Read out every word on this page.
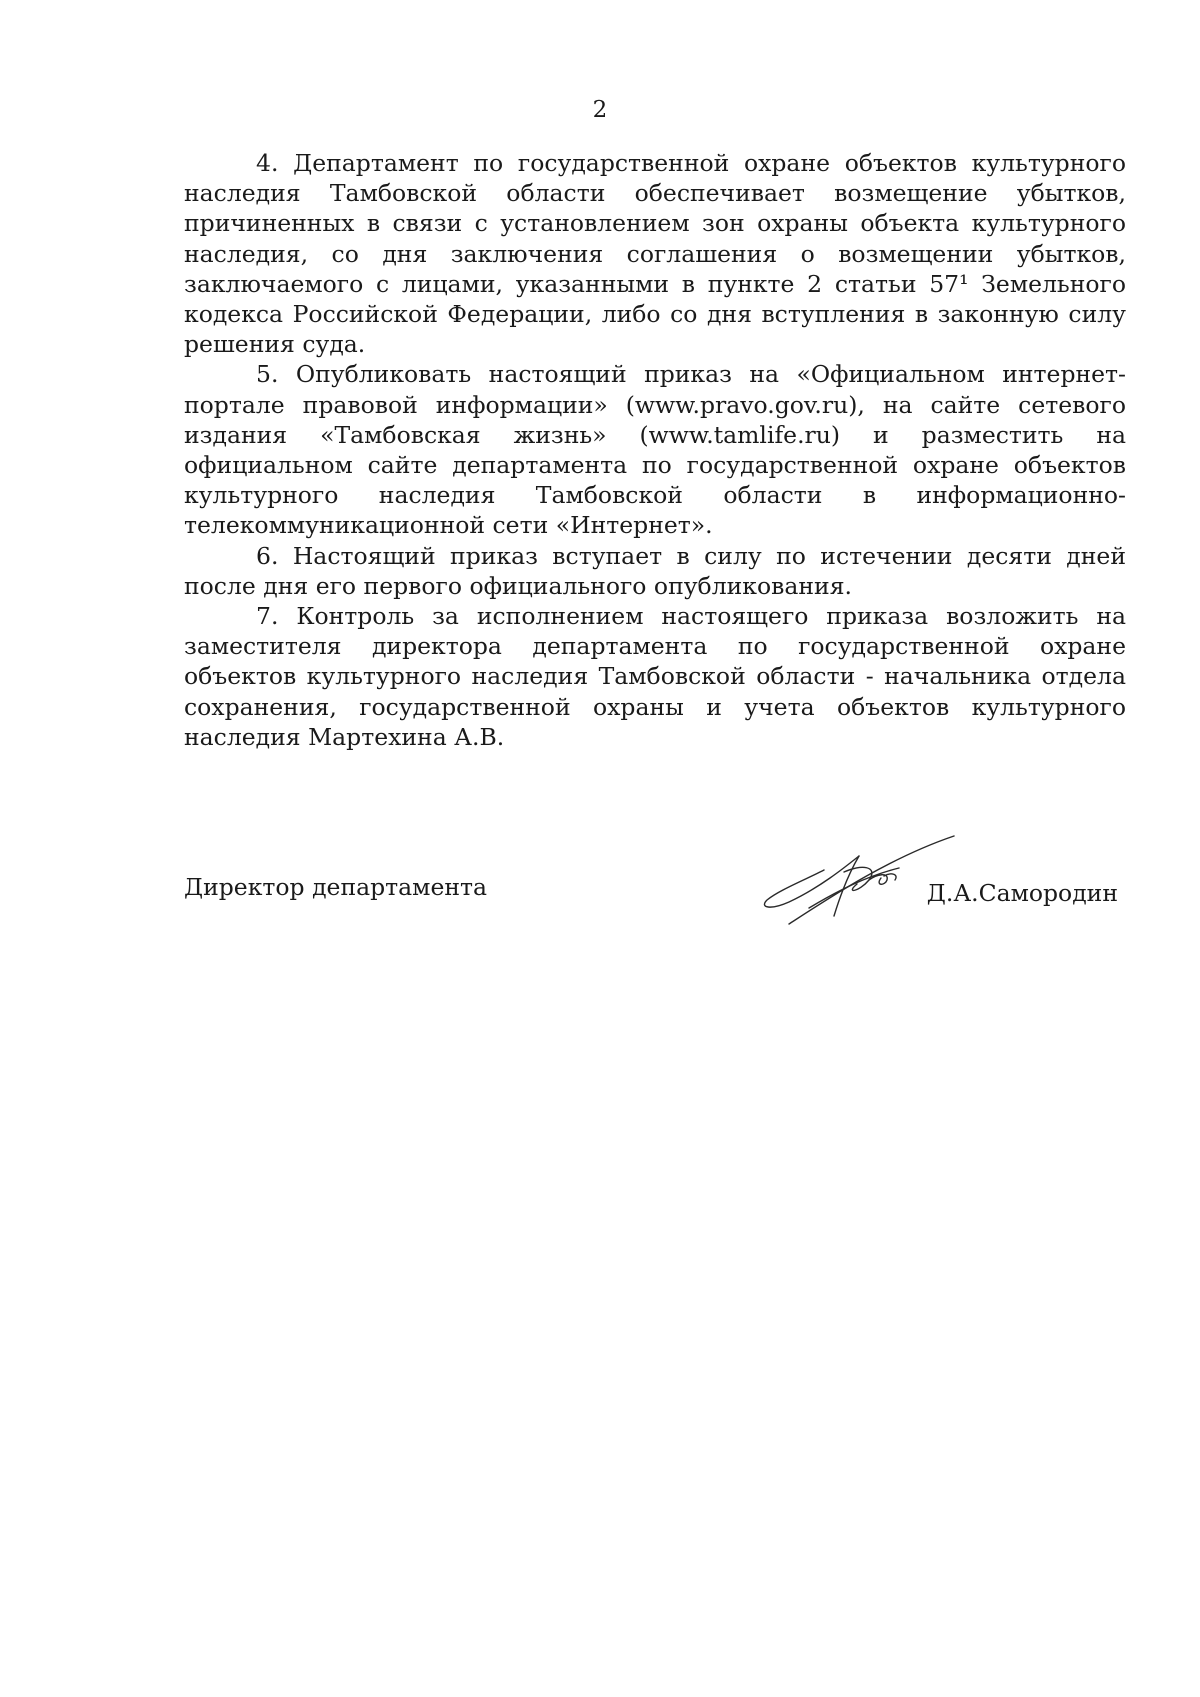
2

4. Департамент по государственной охране объектов культурного наследия Тамбовской области обеспечивает возмещение убытков, причиненных в связи с установлением зон охраны объекта культурного наследия, со дня заключения соглашения о возмещении убытков, заключаемого с лицами, указанными в пункте 2 статьи 57¹ Земельного кодекса Российской Федерации, либо со дня вступления в законную силу решения суда.

5. Опубликовать настоящий приказ на «Официальном интернет-портале правовой информации» (www.pravo.gov.ru), на сайте сетевого издания «Тамбовская жизнь» (www.tamlife.ru) и разместить на официальном сайте департамента по государственной охране объектов культурного наследия Тамбовской области в информационно-телекоммуникационной сети «Интернет».

6. Настоящий приказ вступает в силу по истечении десяти дней после дня его первого официального опубликования.

7. Контроль за исполнением настоящего приказа возложить на заместителя директора департамента по государственной охране объектов культурного наследия Тамбовской области - начальника отдела сохранения, государственной охраны и учета объектов культурного наследия Мартехина А.В.

Директор департамента	Д.А.Самородин
